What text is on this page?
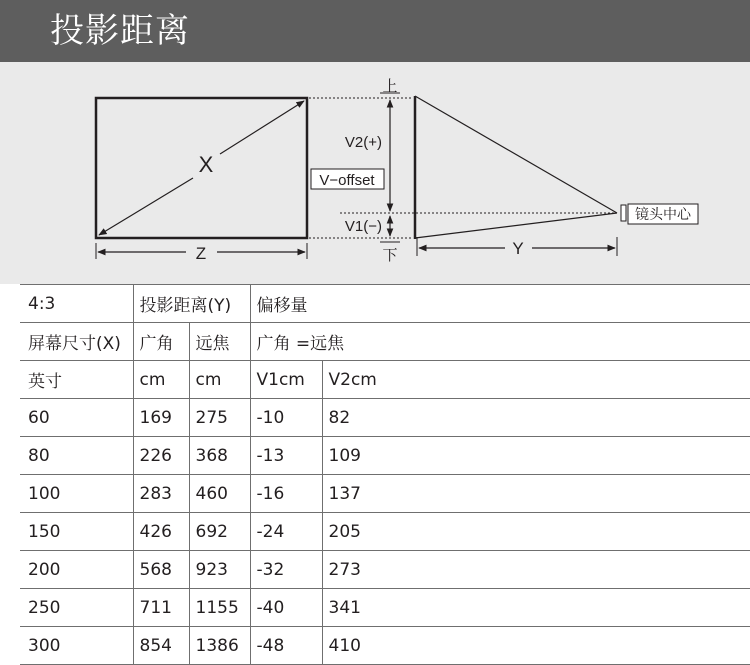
投影距离
X
Z
上
下
V2(+)
V−offset
V1(−)
镜头中心
Y
4:3	投影距离(Y)		偏移量	
屏幕尺寸(X)	广角	远焦	广角 =远焦	
英寸	cm	cm	V1cm	V2cm
60	169	275	-10	82
80	226	368	-13	109
100	283	460	-16	137
150	426	692	-24	205
200	568	923	-32	273
250	711	1155	-40	341
300	854	1386	-48	410
